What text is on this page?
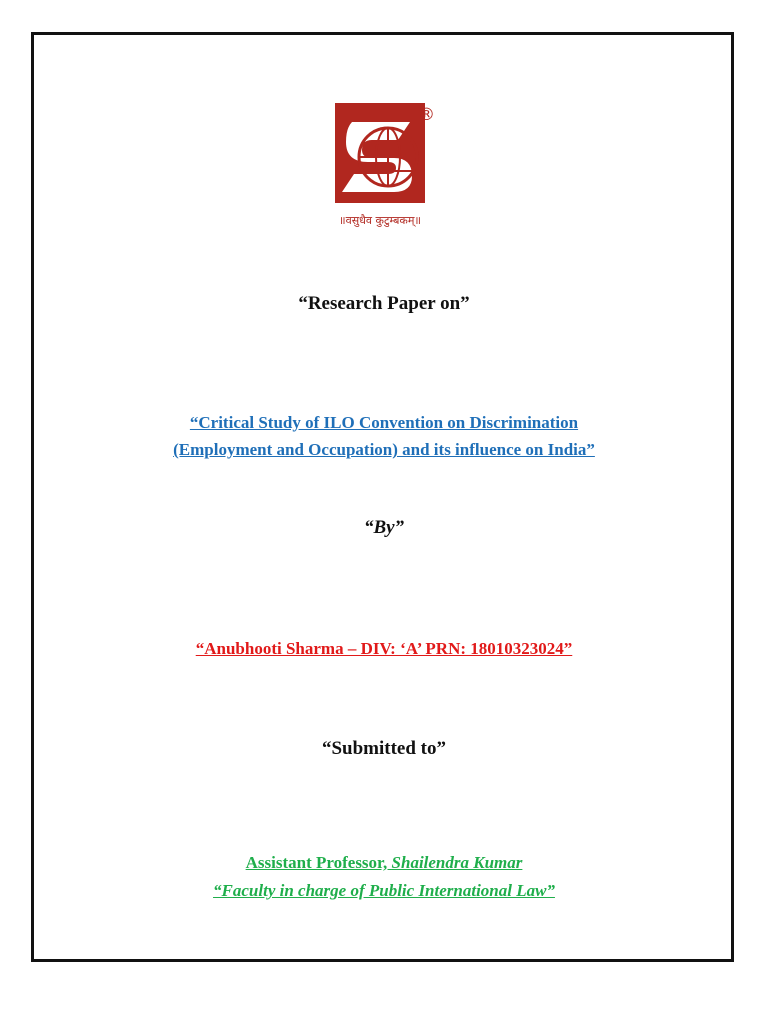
®
॥वसुधैव कुटुम्बकम्॥
“Research Paper on”
“Critical Study of ILO Convention on Discrimination
(Employment and Occupation) and its influence on India”
“By”
“Anubhooti Sharma – DIV: ‘A’ PRN: 18010323024”
“Submitted to”
Assistant Professor, Shailendra Kumar
“Faculty in charge of Public International Law”
